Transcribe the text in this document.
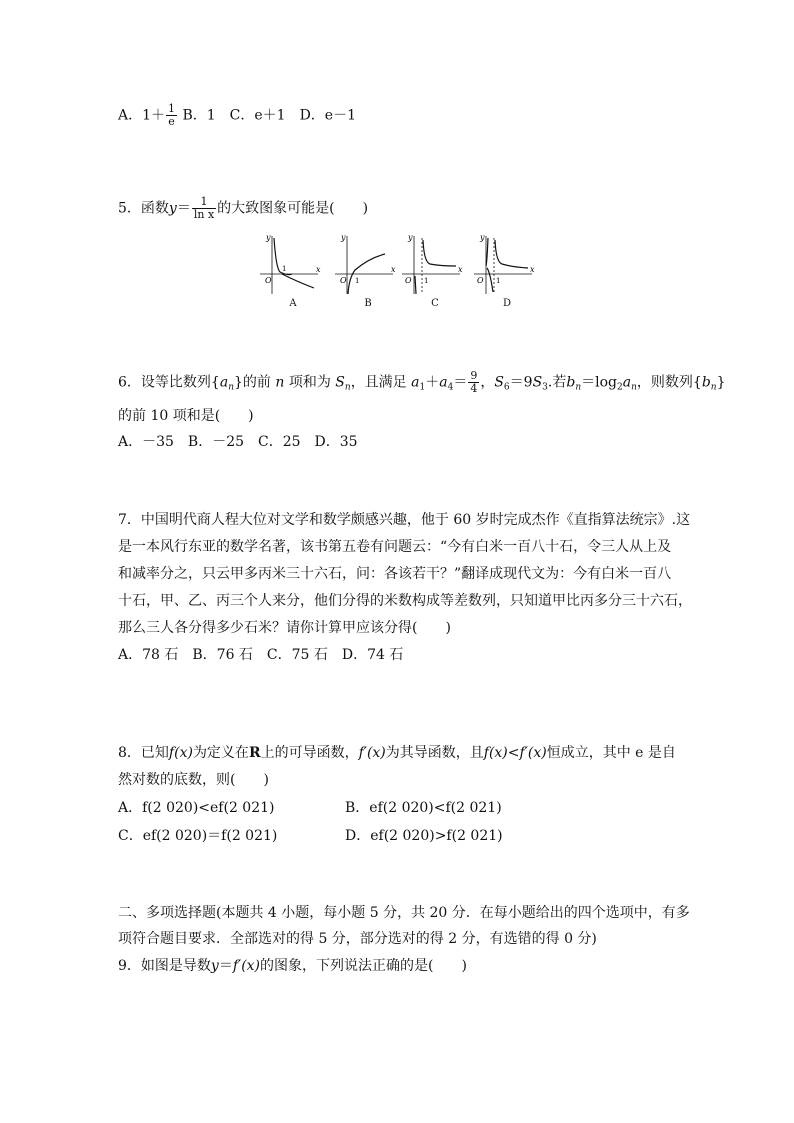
A．$1+ \frac{1}{e}$ B．1　C．e＋1　D．e－1
5．函数$y= \frac{1}{\text{ln x}}$ 的大致图象可能是(　　)
y
x
O
1
A
y
x
O 1
B
y
x
O 1
C
y
x
O 1
D
6．设等比数列$\{a_n\}$的前 n 项和为 $S_n$，且满足 $a_1+a_4= \frac{9}{4}$ ，$S_6=9S_3$.若$b_n=\log_2a_n$，则数列$\{b_n\}$
的前 10 项和是(　　)
A．－35　B．－25　C．25　D．35
7．中国明代商人程大位对文学和数学颇感兴趣，他于 60 岁时完成杰作《直指算法统宗》.这
是一本风行东亚的数学名著，该书第五卷有问题云：“今有白米一百八十石，令三人从上及
和减率分之，只云甲多丙米三十六石，问：各该若干？”翻译成现代文为：今有白米一百八
十石，甲、乙、丙三个人来分，他们分得的米数构成等差数列，只知道甲比丙多分三十六石，
那么三人各分得多少石米？请你计算甲应该分得(　　)
A．78 石　B．76 石　C．75 石　D．74 石
8．已知f(x)为定义在R上的可导函数，f′(x)为其导函数，且f(x)<f′(x)恒成立，其中 e 是自
然对数的底数，则(　　)
A．f(2 020)<ef(2 021)	B．ef(2 020)<f(2 021)
C．ef(2 020)＝f(2 021)	D．ef(2 020)>f(2 021)
二、多项选择题(本题共 4 小题，每小题 5 分，共 20 分．在每小题给出的四个选项中，有多
项符合题目要求．全部选对的得 5 分，部分选对的得 2 分，有选错的得 0 分)
9．如图是导数y＝f′(x)的图象，下列说法正确的是(　　)
